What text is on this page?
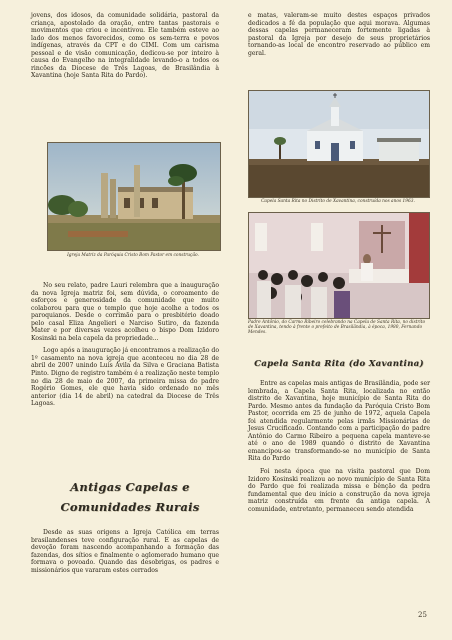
jovens, dos idosos, da comunidade solidária, pastoral da criança, apostolado da oração, entre tantas pastorais e movimentos que criou e incentivou. Ele também esteve ao lado dos menos favorecidos, como os sem-terra e povos indígenas, através da CPT e do CIMI. Com um carisma pessoal e de visão comunicação, dedicou-se por inteiro à causa do Evangelho na integralidade levando-o a todos os rincões da Diocese de Três Lagoas, de Brasilândia à Xavantina (hoje Santa Rita do Pardo).

Igreja Matriz da Paróquia Cristo Bom Pastor em construção.

No seu relato, padre Lauri relembra que a inauguração da nova Igreja matriz foi, sem dúvida, o coroamento de esforços e generosidade da comunidade que muito colaborou para que o templo que hoje acolhe a todos os paroquianos. Desde o corrimão para o presbitério doado pelo casal Eliza Angelieri e Narciso Sutiro, da fazenda Mater e por diversas vezes acolheu o bispo Dom Izidoro Kosinski na bela capela da propriedade...

Logo após a inauguração já encontramos a realização do 1º casamento na nova igreja que aconteceu no dia 28 de abril de 2007 unindo Luis Ávila da Silva e Graciana Batista Pinto. Digno de registro também é a realização neste templo no dia 28 de maio de 2007, da primeira missa do padre Rogério Gomes, ele que havia sido ordenado no mês anterior (dia 14 de abril) na catedral da Diocese de Três Lagoas.

Antigas Capelas e
Comunidades Rurais

Desde as suas origens a Igreja Católica em terras brasilandenses teve configuração rural. E as capelas de devoção foram nascendo acompanhando a formação das fazendas, dos sítios e finalmente o aglomerado humano que formava o povoado. Quando das desobrigas, os padres e missionários que vararam estes cerrados

e matas, valeram-se muito destes espaços privados dedicados a fé da população que aqui morava. Algumas dessas capelas permaneceram fortemente ligadas à pastoral da Igreja por desejo de seus proprietários tornando-as local de encontro reservado ao público em geral.

Capela Santa Rita no Distrito de Xavantina, construída nos anos 1963.
Padre Antônio, do Carmo Ribeiro celebrando na Capela de Santa Rita, no distrito de Xavantina, tendo à frente o prefeito de Brasilândia, à época, 1980, Fernando Mendes.
Capela Santa Rita (do Xavantina)

Entre as capelas mais antigas de Brasilândia, pode ser lembrada, a Capela Santa Rita, localizada no então distrito de Xavantina, hoje município de Santa Rita do Pardo. Mesmo antes da fundação da Paróquia Cristo Bom Pastor, ocorrida em 25 de junho de 1972, aquela Capela foi atendida regularmente pelas irmãs Missionárias de Jesus Crucificado. Contando com a participação do padre Antônio do Carmo Ribeiro a pequena capela manteve-se até o ano de 1989 quando o distrito de Xavantina emancipou-se transformando-se no município de Santa Rita do Pardo

Foi nesta época que na visita pastoral que Dom Izidoro Kosinski realizou ao novo município de Santa Rita do Pardo que foi realizada missa e bênção da pedra fundamental que deu início a construção da nova igreja matriz construída em frente da antiga capela. A comunidade, entretanto, permaneceu sendo atendida

25
